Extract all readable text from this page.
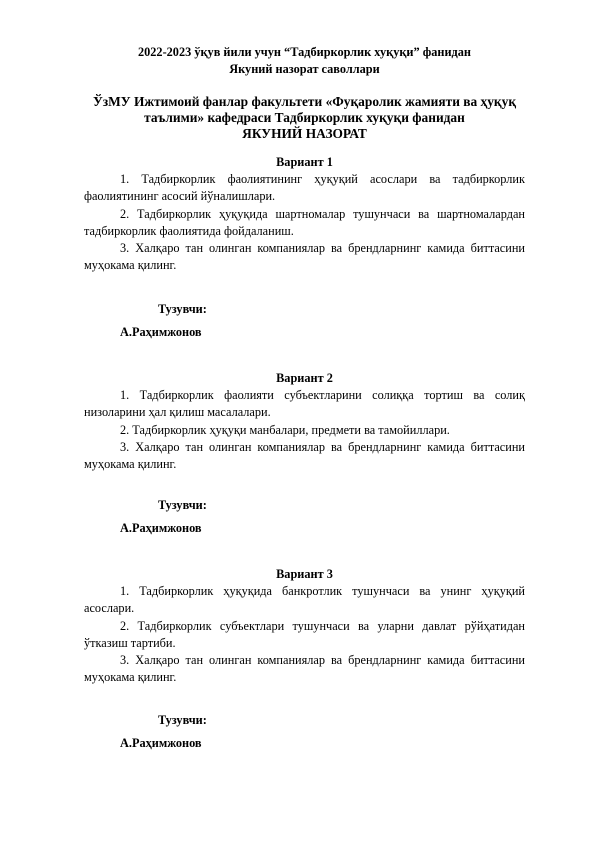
2022-2023 ўқув йили учун “Тадбиркорлик хуқуқи” фанидан
Якуний назорат саволлари
ЎзМУ Ижтимоий фанлар факультети «Фуқаролик жамияти ва ҳуқуқ
таълими» кафедраси Тадбиркорлик хуқуқи фанидан
ЯКУНИЙ НАЗОРАТ

Вариант 1

1. Тадбиркорлик фаолиятининг ҳуқуқий асослари ва тадбиркорлик фаолиятининг асосий йўналишлари.

2. Тадбиркорлик ҳуқуқида шартномалар тушунчаси ва шартномалардан тадбиркорлик фаолиятида фойдаланиш.

3. Халқаро тан олинган компаниялар ва брендларнинг камида биттасини муҳокама қилинг.

Тузувчи:
А.Раҳимжонов

Вариант 2

1. Тадбиркорлик фаолияти субъектларини солиққа тортиш ва солиқ низоларини ҳал қилиш масалалари.

2. Тадбиркорлик ҳуқуқи манбалари, предмети ва тамойиллари.

3. Халқаро тан олинган компаниялар ва брендларнинг камида биттасини муҳокама қилинг.

Тузувчи:
А.Раҳимжонов

Вариант 3

1. Тадбиркорлик ҳуқуқида банкротлик тушунчаси ва унинг ҳуқуқий асослари.

2. Тадбиркорлик субъектлари тушунчаси ва уларни давлат рўйҳатидан ўтказиш тартиби.

3. Халқаро тан олинган компаниялар ва брендларнинг камида биттасини муҳокама қилинг.

Тузувчи:
А.Раҳимжонов
